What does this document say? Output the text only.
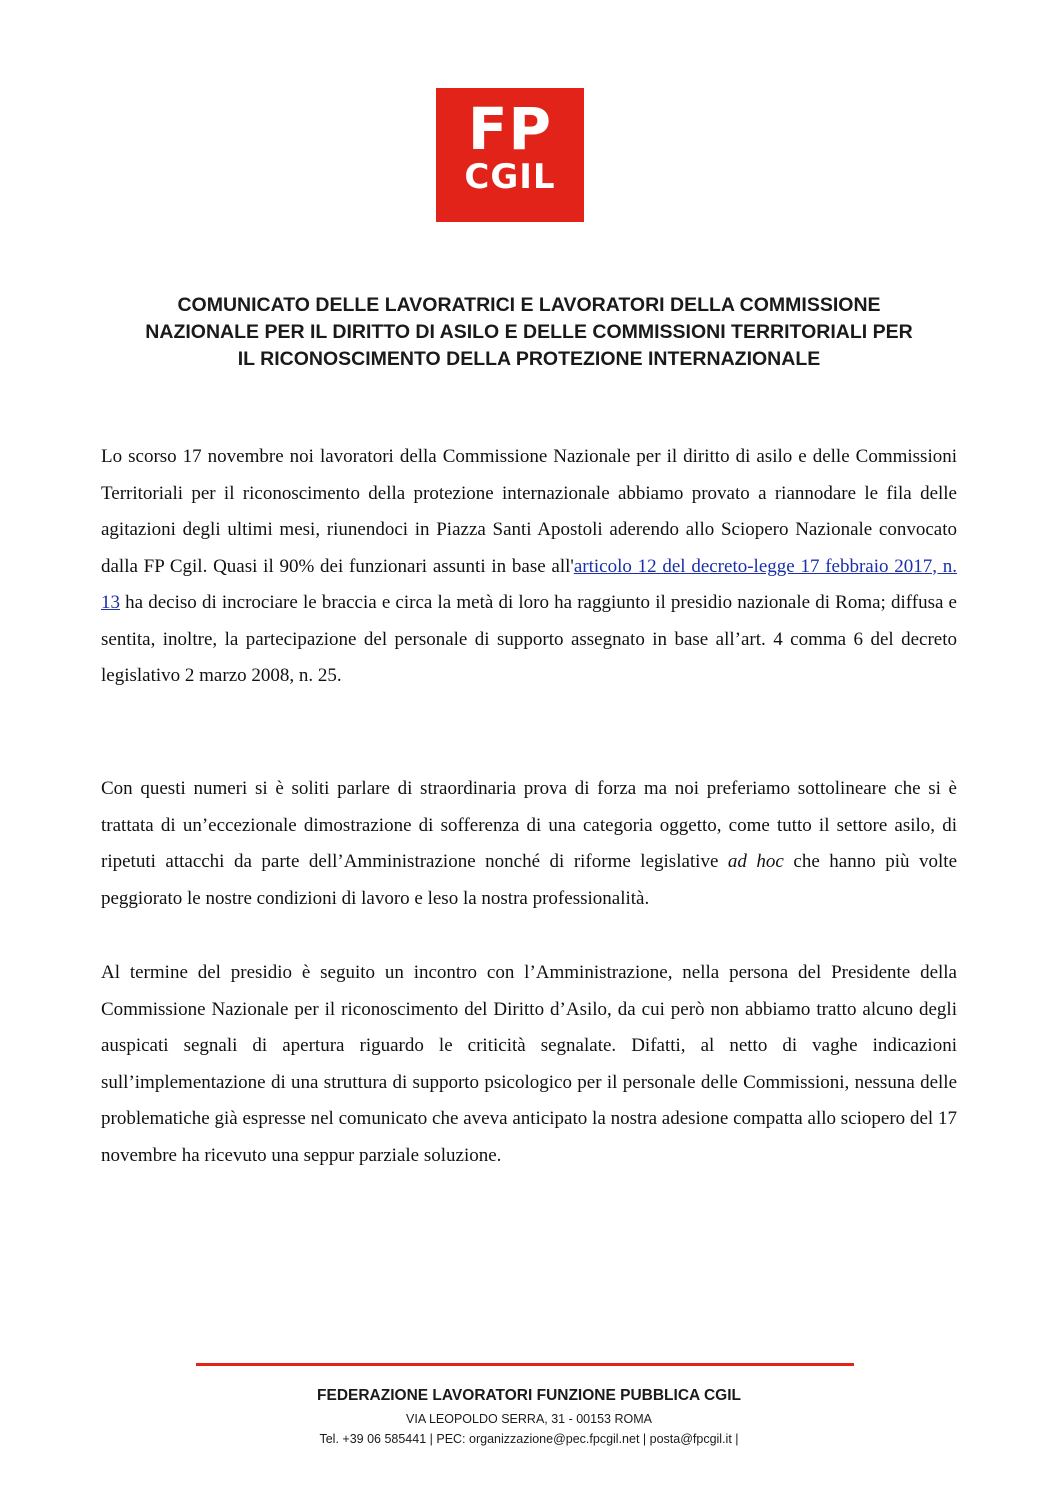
FP
CGIL
COMUNICATO DELLE LAVORATRICI E LAVORATORI DELLA COMMISSIONE
NAZIONALE PER IL DIRITTO DI ASILO E DELLE COMMISSIONI TERRITORIALI PER
IL RICONOSCIMENTO DELLA PROTEZIONE INTERNAZIONALE

Lo scorso 17 novembre noi lavoratori della Commissione Nazionale per il diritto di asilo e delle Commissioni Territoriali per il riconoscimento della protezione internazionale abbiamo provato a riannodare le fila delle agitazioni degli ultimi mesi, riunendoci in Piazza Santi Apostoli aderendo allo Sciopero Nazionale convocato dalla FP Cgil. Quasi il 90% dei funzionari assunti in base all'articolo 12 del decreto-legge 17 febbraio 2017, n. 13 ha deciso di incrociare le braccia e circa la metà di loro ha raggiunto il presidio nazionale di Roma; diffusa e sentita, inoltre, la partecipazione del personale di supporto assegnato in base all’art. 4 comma 6 del decreto legislativo 2 marzo 2008, n. 25.

Con questi numeri si è soliti parlare di straordinaria prova di forza ma noi preferiamo sottolineare che si è trattata di un’eccezionale dimostrazione di sofferenza di una categoria oggetto, come tutto il settore asilo, di ripetuti attacchi da parte dell’Amministrazione nonché di riforme legislative ad hoc che hanno più volte peggiorato le nostre condizioni di lavoro e leso la nostra professionalità.

Al termine del presidio è seguito un incontro con l’Amministrazione, nella persona del Presidente della Commissione Nazionale per il riconoscimento del Diritto d’Asilo, da cui però non abbiamo tratto alcuno degli auspicati segnali di apertura riguardo le criticità segnalate. Difatti, al netto di vaghe indicazioni sull’implementazione di una struttura di supporto psicologico per il personale delle Commissioni, nessuna delle problematiche già espresse nel comunicato che aveva anticipato la nostra adesione compatta allo sciopero del 17 novembre ha ricevuto una seppur parziale soluzione.

FEDERAZIONE LAVORATORI FUNZIONE PUBBLICA CGIL
VIA LEOPOLDO SERRA, 31 - 00153 ROMA
Tel. +39 06 585441 | PEC: organizzazione@pec.fpcgil.net | posta@fpcgil.it |
